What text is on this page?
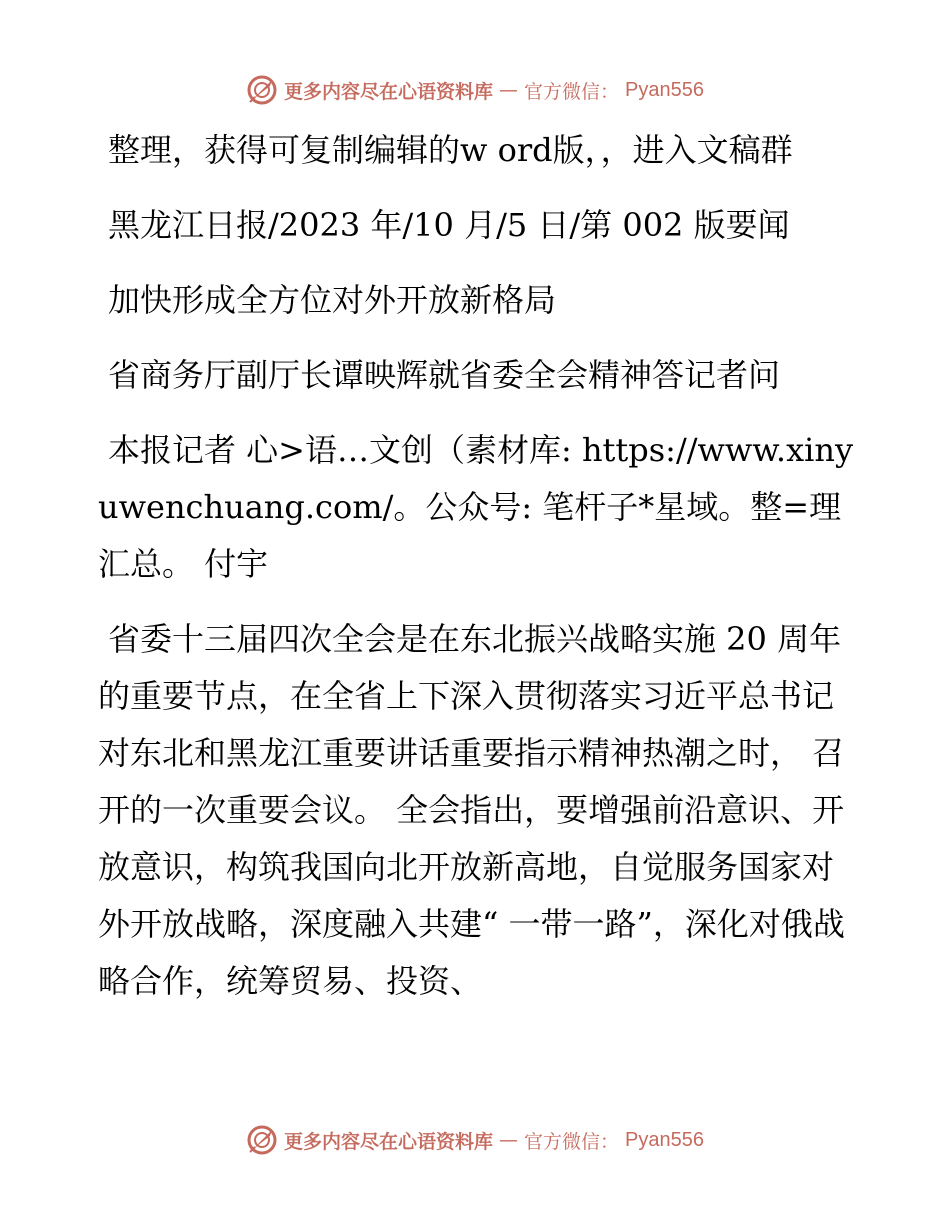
更多内容尽在心语资料库 — 官方微信： Pyan556

整理，获得可复制编辑的w ord版，，进入文稿群

黑龙江日报/2023 年/10 月/5 日/第 002 版要闻

加快形成全方位对外开放新格局

省商务厅副厅长谭映辉就省委全会精神答记者问

本报记者 心>语…文创（素材库: https://www.xinyuwenchuang.com/。公众号: 笔杆子*星域。整=理汇总。 付宇

省委十三届四次全会是在东北振兴战略实施 20 周年的重要节点，在全省上下深入贯彻落实习近平总书记对东北和黑龙江重要讲话重要指示精神热潮之时， 召开的一次重要会议。 全会指出，要增强前沿意识、开放意识，构筑我国向北开放新高地，自觉服务国家对外开放战略，深度融入共建“ 一带一路”，深化对俄战略合作，统筹贸易、投资、

更多内容尽在心语资料库 — 官方微信： Pyan556
